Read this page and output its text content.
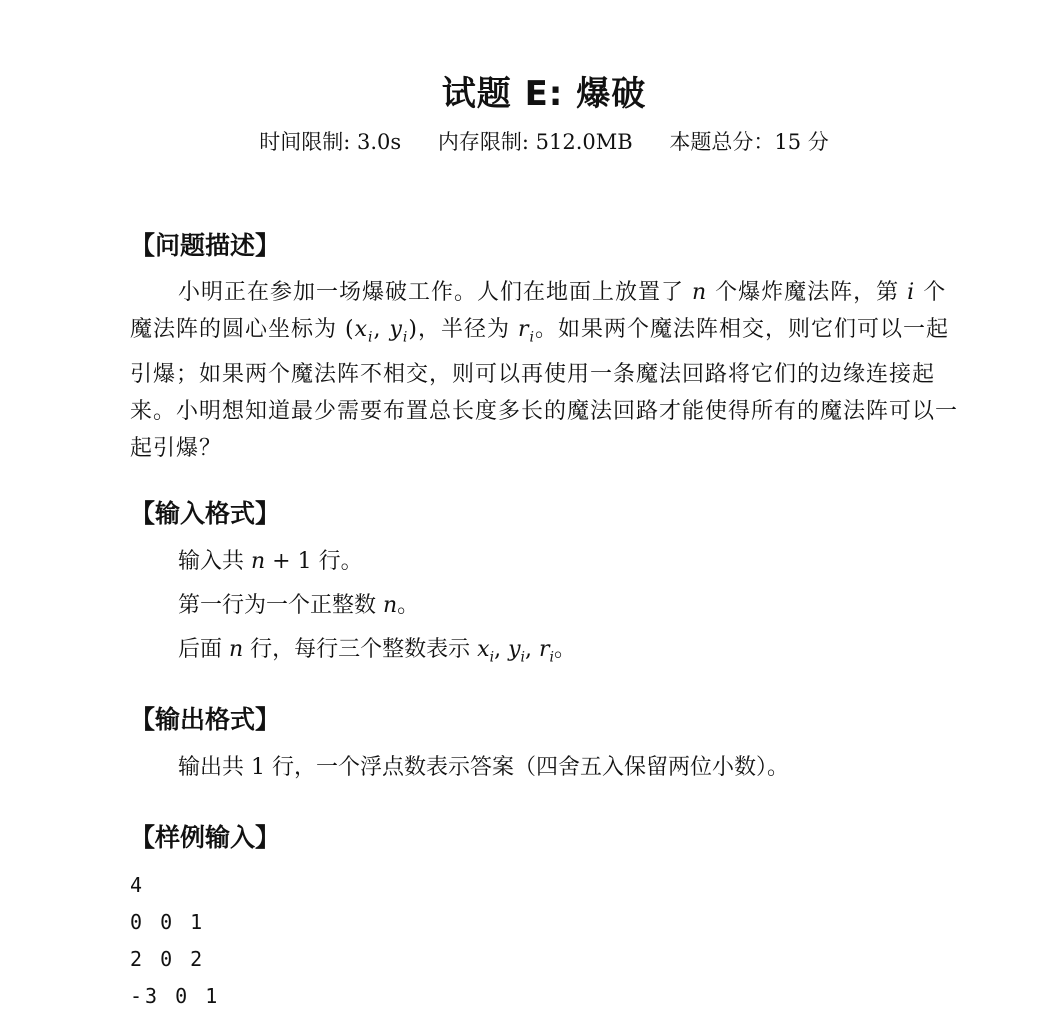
试题 E: 爆破
时间限制: 3.0s 内存限制: 512.0MB 本题总分：15 分
【问题描述】
小明正在参加一场爆破工作。人们在地面上放置了 n 个爆炸魔法阵，第 i 个魔法阵的圆心坐标为 ($x_i$, $y_i$)，半径为 $r_i$。如果两个魔法阵相交，则它们可以一起引爆；如果两个魔法阵不相交，则可以再使用一条魔法回路将它们的边缘连接起来。小明想知道最少需要布置总长度多长的魔法回路才能使得所有的魔法阵可以一起引爆？
【输入格式】
输入共 n + 1 行。
第一行为一个正整数 n。
后面 n 行，每行三个整数表示 $x_i$, $y_i$, $r_i$。
【输出格式】
输出共 1 行，一个浮点数表示答案（四舍五入保留两位小数）。
【样例输入】
4
0 0 1
2 0 2
-3 0 1
